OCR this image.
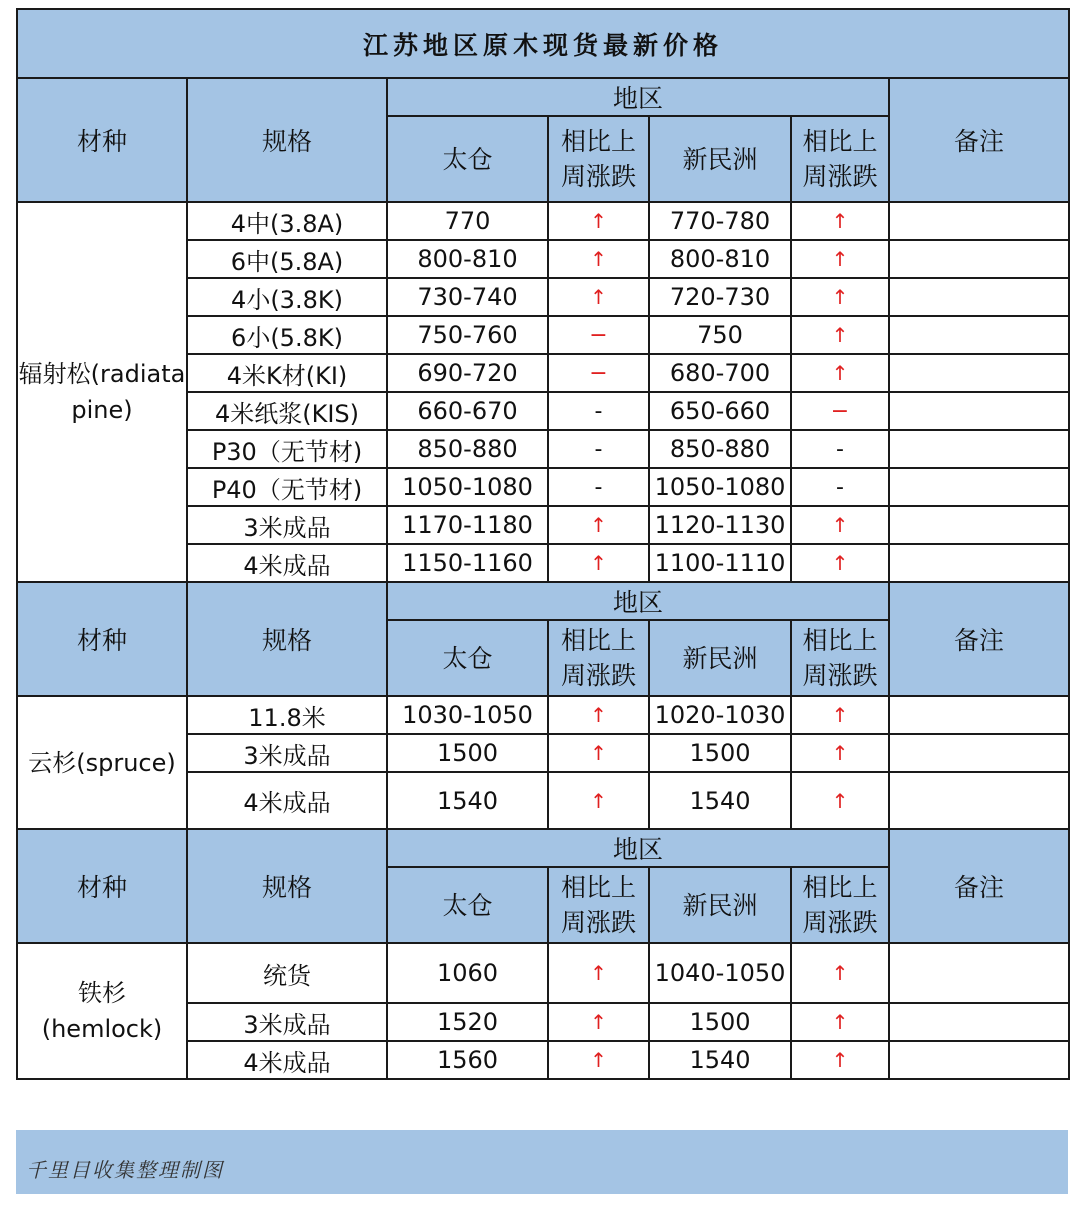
江苏地区原木现货最新价格						
材种	规格	地区				备注
		太仓	相比上周涨跌	新民洲	相比上周涨跌	
辐射松(radiata pine)	4中(3.8A)	770	↑	770-780	↑	
	6中(5.8A)	800-810	↑	800-810	↑	
	4小(3.8K)	730-740	↑	720-730	↑	
	6小(5.8K)	750-760	−	750	↑	
	4米K材(KI)	690-720	−	680-700	↑	
	4米纸浆(KIS)	660-670	-	650-660	−	
	P30（无节材)	850-880	-	850-880	-	
	P40（无节材)	1050-1080	-	1050-1080	-	
	3米成品	1170-1180	↑	1120-1130	↑	
	4米成品	1150-1160	↑	1100-1110	↑	
材种	规格	地区				备注
		太仓	相比上周涨跌	新民洲	相比上周涨跌	
云杉(spruce)	11.8米	1030-1050	↑	1020-1030	↑	
	3米成品	1500	↑	1500	↑	
	4米成品	1540	↑	1540	↑	
材种	规格	地区				备注
		太仓	相比上周涨跌	新民洲	相比上周涨跌	
铁杉(hemlock)	统货	1060	↑	1040-1050	↑	
	3米成品	1520	↑	1500	↑	
	4米成品	1560	↑	1540	↑	
千里目收集整理制图
